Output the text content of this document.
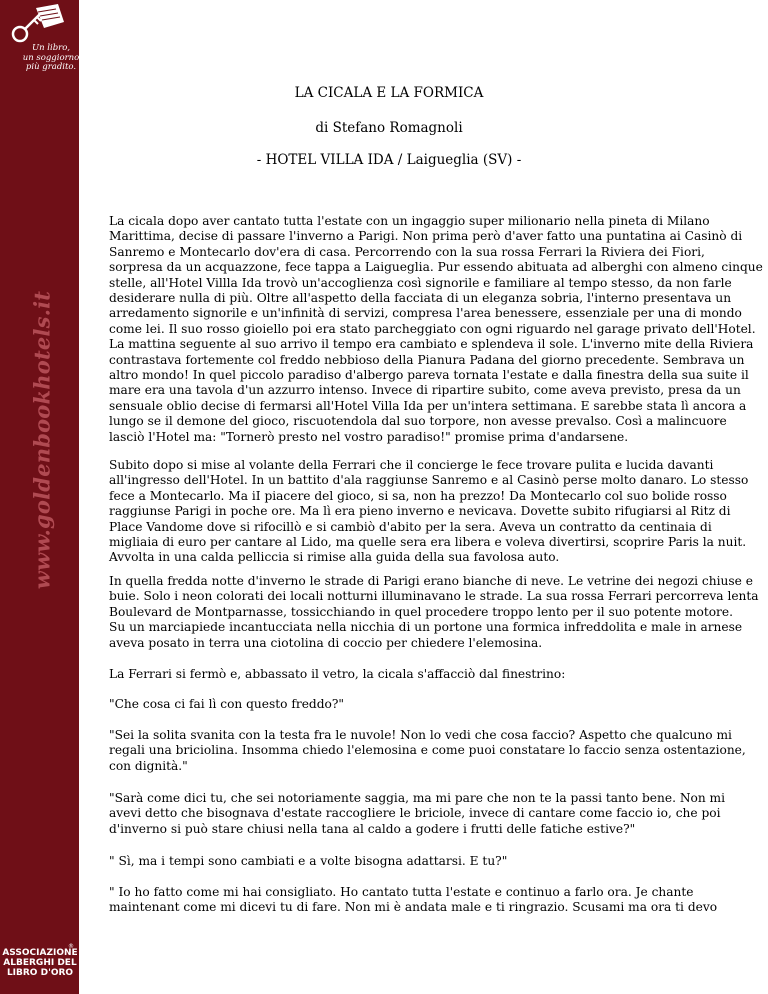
Un libro,
un soggiorno
più gradito.
www.goldenbookhotels.it
®
ASSOCIAZIONE
ALBERGHI DEL
LIBRO D'ORO
LA CICALA E LA FORMICA
di Stefano Romagnoli
- HOTEL VILLA IDA / Laigueglia (SV) -
La cicala dopo aver cantato tutta l'estate con un ingaggio super milionario nella pineta di Milano
Marittima, decise di passare l'inverno a Parigi. Non prima però d'aver fatto una puntatina ai Casinò di
Sanremo e Montecarlo dov'era di casa. Percorrendo con la sua rossa Ferrari la Riviera dei Fiori,
sorpresa da un acquazzone, fece tappa a Laigueglia. Pur essendo abituata ad alberghi con almeno cinque
stelle, all'Hotel Villla Ida trovò un'accoglienza così signorile e familiare al tempo stesso, da non farle
desiderare nulla di più. Oltre all'aspetto della facciata di un eleganza sobria, l'interno presentava un
arredamento signorile e un'infinità di servizi, compresa l'area benessere, essenziale per una di mondo
come lei. Il suo rosso gioiello poi era stato parcheggiato con ogni riguardo nel garage privato dell'Hotel.
La mattina seguente al suo arrivo il tempo era cambiato e splendeva il sole. L'inverno mite della Riviera
contrastava fortemente col freddo nebbioso della Pianura Padana del giorno precedente. Sembrava un
altro mondo! In quel piccolo paradiso d'albergo pareva tornata l'estate e dalla finestra della sua suite il
mare era una tavola d'un azzurro intenso. Invece di ripartire subito, come aveva previsto, presa da un
sensuale oblio decise di fermarsi all'Hotel Villa Ida per un'intera settimana. E sarebbe stata lì ancora a
lungo se il demone del gioco, riscuotendola dal suo torpore, non avesse prevalso. Così a malincuore
lasciò l'Hotel ma: "Tornerò presto nel vostro paradiso!" promise prima d'andarsene.
Subito dopo si mise al volante della Ferrari che il concierge le fece trovare pulita e lucida davanti
all'ingresso dell'Hotel. In un battito d'ala raggiunse Sanremo e al Casinò perse molto danaro. Lo stesso
fece a Montecarlo. Ma iI piacere del gioco, si sa, non ha prezzo! Da Montecarlo col suo bolide rosso
raggiunse Parigi in poche ore. Ma lì era pieno inverno e nevicava. Dovette subito rifugiarsi al Ritz di
Place Vandome dove si rifocillò e si cambiò d'abito per la sera. Aveva un contratto da centinaia di
migliaia di euro per cantare al Lido, ma quelle sera era libera e voleva divertirsi, scoprire Paris la nuit.
Avvolta in una calda pelliccia si rimise alla guida della sua favolosa auto.
In quella fredda notte d'inverno le strade di Parigi erano bianche di neve. Le vetrine dei negozi chiuse e
buie. Solo i neon colorati dei locali notturni illuminavano le strade. La sua rossa Ferrari percorreva lenta
Boulevard de Montparnasse, tossicchiando in quel procedere troppo lento per il suo potente motore.
Su un marciapiede incantucciata nella nicchia di un portone una formica infreddolita e male in arnese
aveva posato in terra una ciotolina di coccio per chiedere l'elemosina.
La Ferrari si fermò e, abbassato il vetro, la cicala s'affacciò dal finestrino:
"Che cosa ci fai lì con questo freddo?"
"Sei la solita svanita con la testa fra le nuvole! Non lo vedi che cosa faccio? Aspetto che qualcuno mi
regali una briciolina. Insomma chiedo l'elemosina e come puoi constatare lo faccio senza ostentazione,
con dignità."
"Sarà come dici tu, che sei notoriamente saggia, ma mi pare che non te la passi tanto bene. Non mi
avevi detto che bisognava d'estate raccogliere le briciole, invece di cantare come faccio io, che poi
d'inverno si può stare chiusi nella tana al caldo a godere i frutti delle fatiche estive?"
" Sì, ma i tempi sono cambiati e a volte bisogna adattarsi. E tu?"
" Io ho fatto come mi hai consigliato. Ho cantato tutta l'estate e continuo a farlo ora. Je chante
maintenant come mi dicevi tu di fare. Non mi è andata male e ti ringrazio. Scusami ma ora ti devo
